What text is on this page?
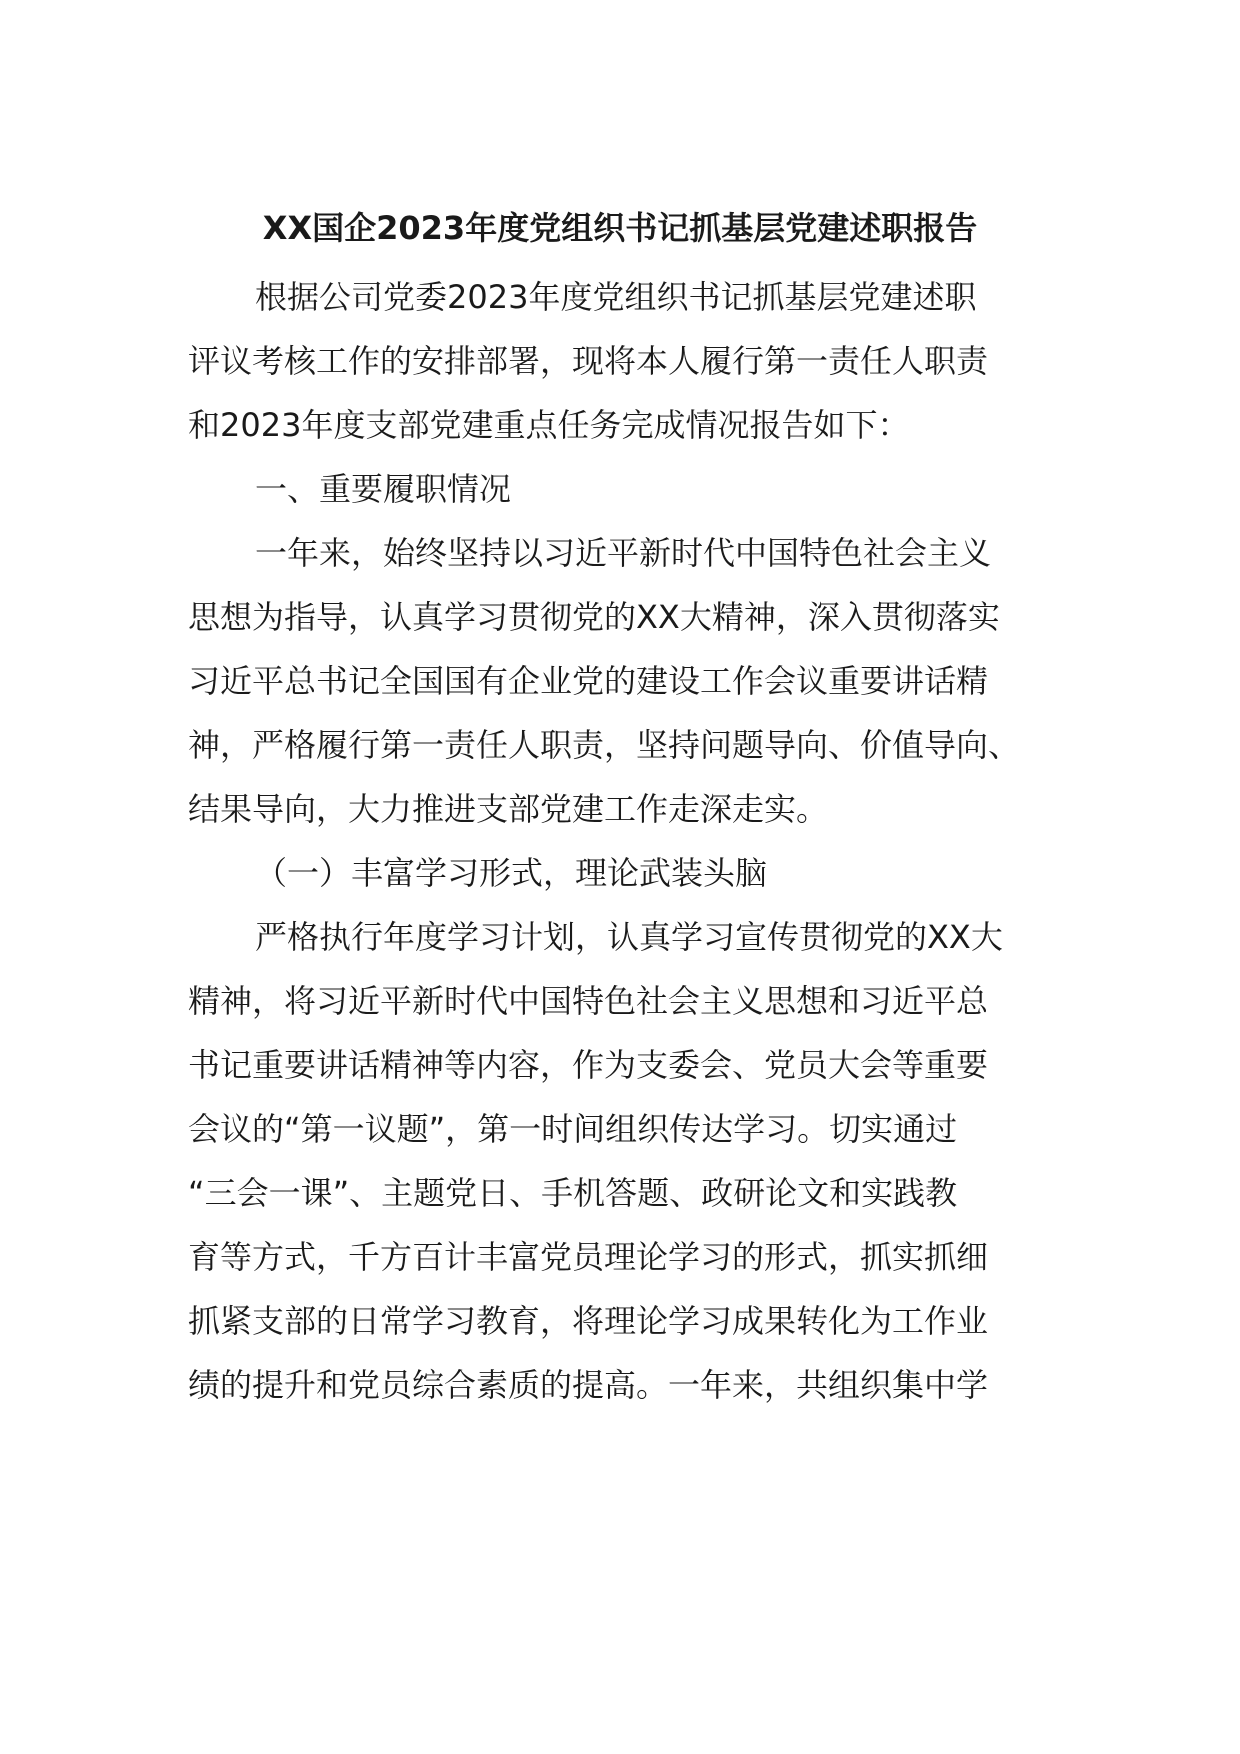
XX国企2023年度党组织书记抓基层党建述职报告
根据公司党委2023年度党组织书记抓基层党建述职
评议考核工作的安排部署，现将本人履行第一责任人职责
和2023年度支部党建重点任务完成情况报告如下：
一、重要履职情况
一年来，始终坚持以习近平新时代中国特色社会主义
思想为指导，认真学习贯彻党的XX大精神，深入贯彻落实
习近平总书记全国国有企业党的建设工作会议重要讲话精
神，严格履行第一责任人职责，坚持问题导向、价值导向、
结果导向，大力推进支部党建工作走深走实。
（一）丰富学习形式，理论武装头脑
严格执行年度学习计划，认真学习宣传贯彻党的XX大
精神，将习近平新时代中国特色社会主义思想和习近平总
书记重要讲话精神等内容，作为支委会、党员大会等重要
会议的“第一议题”，第一时间组织传达学习。切实通过
“三会一课”、主题党日、手机答题、政研论文和实践教
育等方式，千方百计丰富党员理论学习的形式，抓实抓细
抓紧支部的日常学习教育，将理论学习成果转化为工作业
绩的提升和党员综合素质的提高。一年来，共组织集中学
